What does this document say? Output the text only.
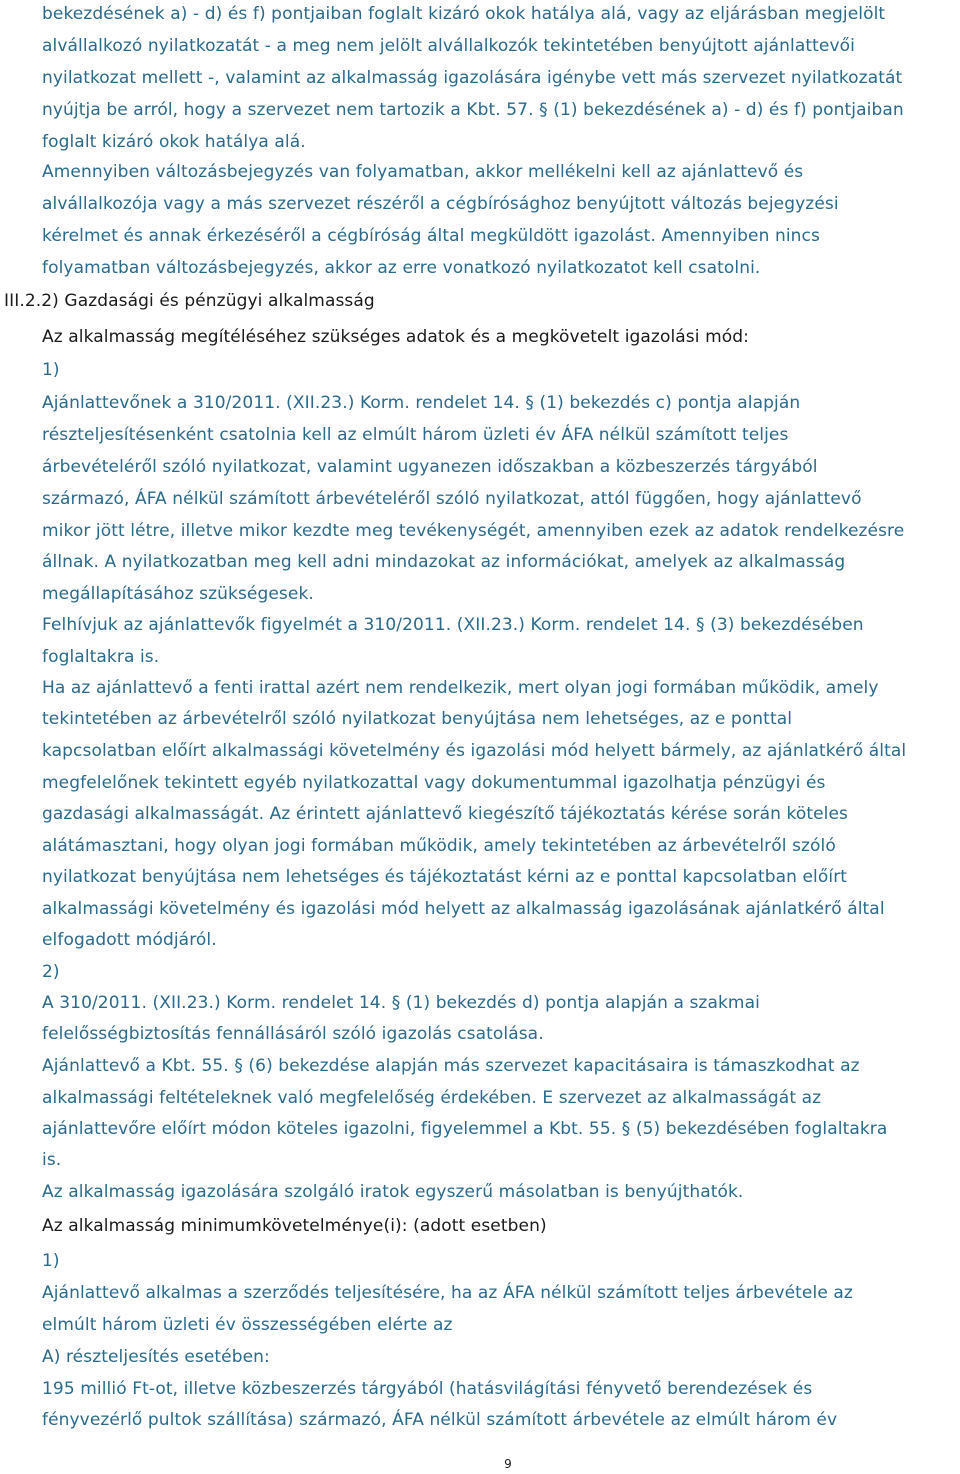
bekezdésének a) - d) és f) pontjaiban foglalt kizáró okok hatálya alá, vagy az eljárásban megjelölt
alvállalkozó nyilatkozatát - a meg nem jelölt alvállalkozók tekintetében benyújtott ajánlattevői
nyilatkozat mellett -, valamint az alkalmasság igazolására igénybe vett más szervezet nyilatkozatát
nyújtja be arról, hogy a szervezet nem tartozik a Kbt. 57. § (1) bekezdésének a) - d) és f) pontjaiban
foglalt kizáró okok hatálya alá.
Amennyiben változásbejegyzés van folyamatban, akkor mellékelni kell az ajánlattevő és
alvállalkozója vagy a más szervezet részéről a cégbírósághoz benyújtott változás bejegyzési
kérelmet és annak érkezéséről a cégbíróság által megküldött igazolást. Amennyiben nincs
folyamatban változásbejegyzés, akkor az erre vonatkozó nyilatkozatot kell csatolni.
III.2.2) Gazdasági és pénzügyi alkalmasság
Az alkalmasság megítéléséhez szükséges adatok és a megkövetelt igazolási mód:
1)
Ajánlattevőnek a 310/2011. (XII.23.) Korm. rendelet 14. § (1) bekezdés c) pontja alapján
részteljesítésenként csatolnia kell az elmúlt három üzleti év ÁFA nélkül számított teljes
árbevételéről szóló nyilatkozat, valamint ugyanezen időszakban a közbeszerzés tárgyából
származó, ÁFA nélkül számított árbevételéről szóló nyilatkozat, attól függően, hogy ajánlattevő
mikor jött létre, illetve mikor kezdte meg tevékenységét, amennyiben ezek az adatok rendelkezésre
állnak. A nyilatkozatban meg kell adni mindazokat az információkat, amelyek az alkalmasság
megállapításához szükségesek.
Felhívjuk az ajánlattevők figyelmét a 310/2011. (XII.23.) Korm. rendelet 14. § (3) bekezdésében
foglaltakra is.
Ha az ajánlattevő a fenti irattal azért nem rendelkezik, mert olyan jogi formában működik, amely
tekintetében az árbevételről szóló nyilatkozat benyújtása nem lehetséges, az e ponttal
kapcsolatban előírt alkalmassági követelmény és igazolási mód helyett bármely, az ajánlatkérő által
megfelelőnek tekintett egyéb nyilatkozattal vagy dokumentummal igazolhatja pénzügyi és
gazdasági alkalmasságát. Az érintett ajánlattevő kiegészítő tájékoztatás kérése során köteles
alátámasztani, hogy olyan jogi formában működik, amely tekintetében az árbevételről szóló
nyilatkozat benyújtása nem lehetséges és tájékoztatást kérni az e ponttal kapcsolatban előírt
alkalmassági követelmény és igazolási mód helyett az alkalmasság igazolásának ajánlatkérő által
elfogadott módjáról.
2)
A 310/2011. (XII.23.) Korm. rendelet 14. § (1) bekezdés d) pontja alapján a szakmai
felelősségbiztosítás fennállásáról szóló igazolás csatolása.
Ajánlattevő a Kbt. 55. § (6) bekezdése alapján más szervezet kapacitásaira is támaszkodhat az
alkalmassági feltételeknek való megfelelőség érdekében. E szervezet az alkalmasságát az
ajánlattevőre előírt módon köteles igazolni, figyelemmel a Kbt. 55. § (5) bekezdésében foglaltakra
is.
Az alkalmasság igazolására szolgáló iratok egyszerű másolatban is benyújthatók.
Az alkalmasság minimumkövetelménye(i): (adott esetben)
1)
Ajánlattevő alkalmas a szerződés teljesítésére, ha az ÁFA nélkül számított teljes árbevétele az
elmúlt három üzleti év összességében elérte az
A) részteljesítés esetében:
195 millió Ft-ot, illetve közbeszerzés tárgyából (hatásvilágítási fényvető berendezések és
fényvezérlő pultok szállítása) származó, ÁFA nélkül számított árbevétele az elmúlt három év
9
